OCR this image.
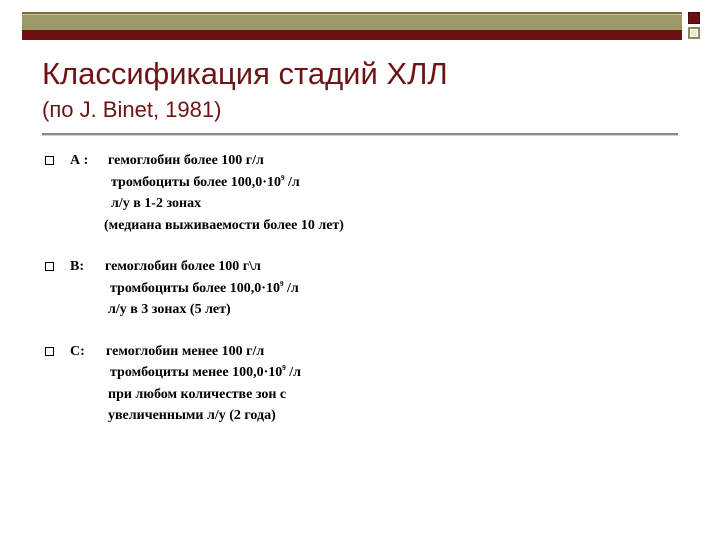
Классификация стадий ХЛЛ
(по J. Binet, 1981)
А : гемоглобин более 100 г/л
тромбоциты более $100,0\cdot 10^9$ /л
л/у в 1-2 зонах
(медиана выживаемости более 10 лет)
В: гемоглобин более 100 г\л
тромбоциты более $100,0\cdot 10^9$ /л
л/у в 3 зонах (5 лет)
С: гемоглобин менее 100 г/л
тромбоциты менее $100,0\cdot 10^9$ /л
при любом количестве зон с
увеличенными л/у (2 года)
